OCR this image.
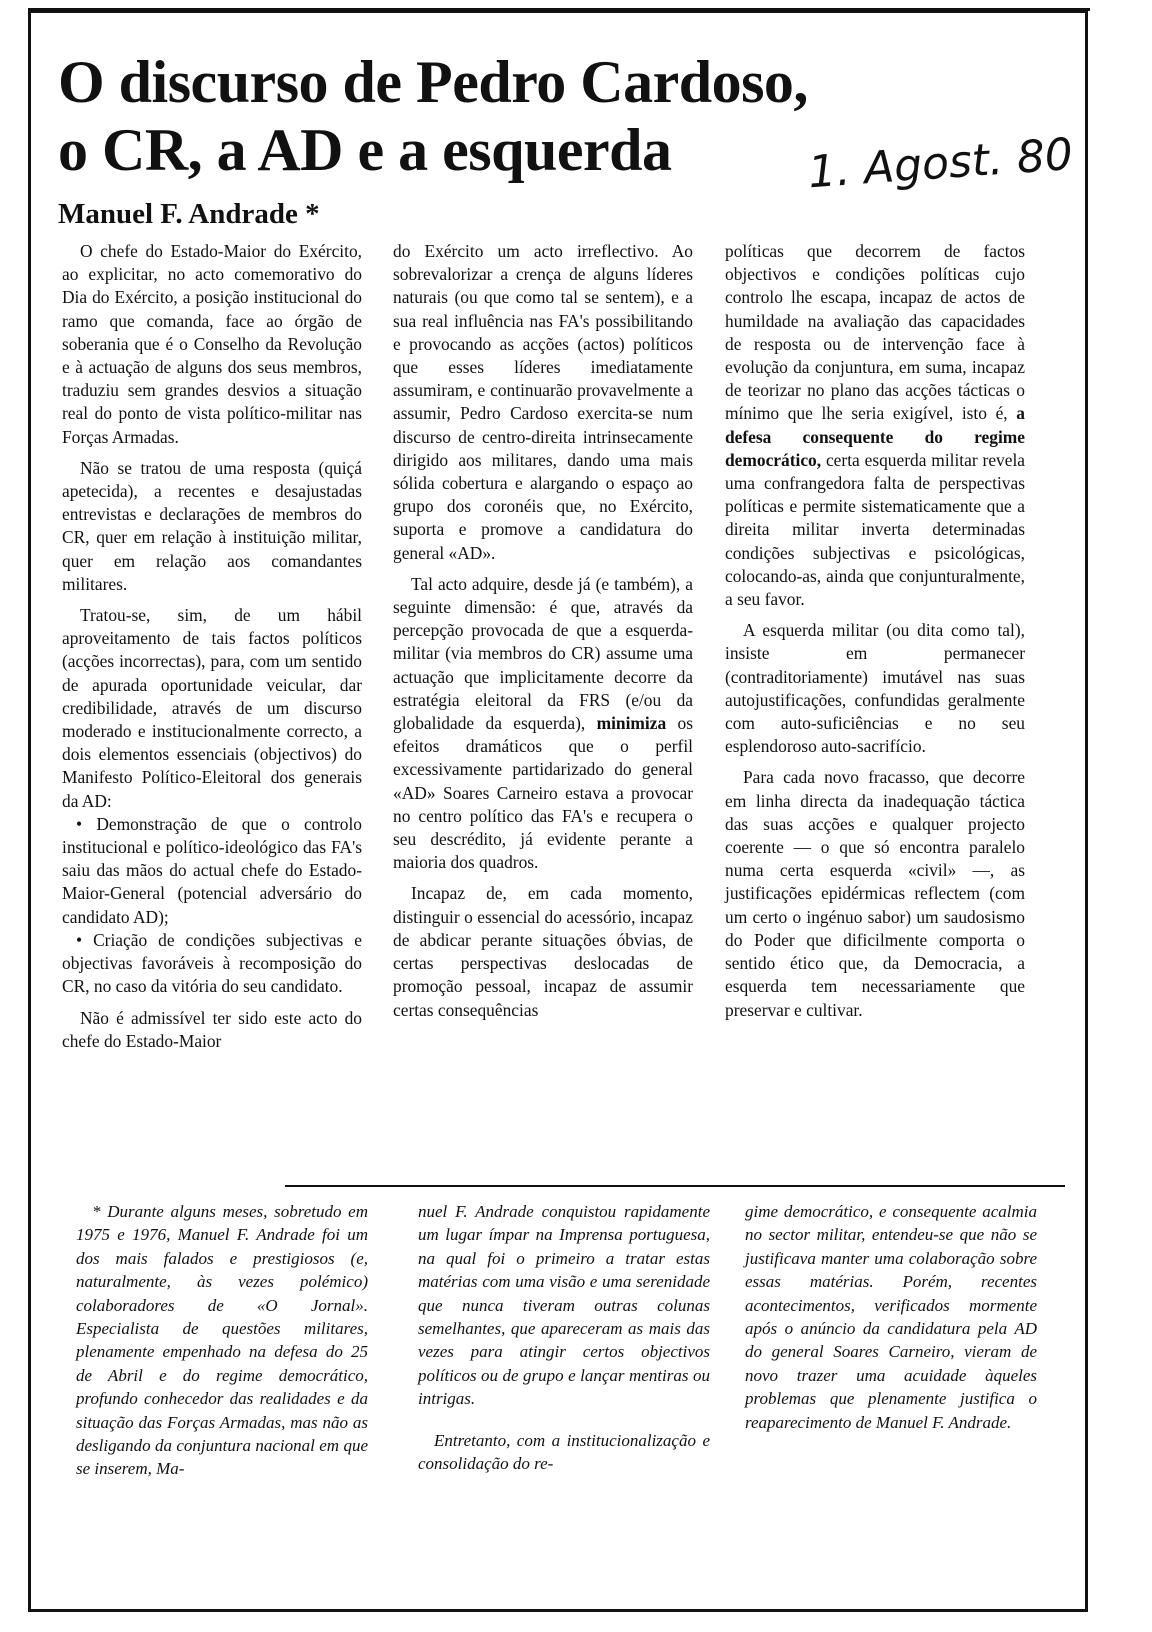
O discurso de Pedro Cardoso,
o CR, a AD e a esquerda	1. Agost. 80
Manuel F. Andrade *

O chefe do Estado-Maior do Exército, ao explicitar, no acto comemorativo do Dia do Exército, a posição institucional do ramo que comanda, face ao órgão de soberania que é o Conselho da Revolução e à actuação de alguns dos seus membros, traduziu sem grandes desvios a situação real do ponto de vista político-militar nas Forças Armadas.

Não se tratou de uma resposta (quiçá apetecida), a recentes e desajustadas entrevistas e declarações de membros do CR, quer em relação à instituição militar, quer em relação aos comandantes militares.

Tratou-se, sim, de um hábil aproveitamento de tais factos políticos (acções incorrectas), para, com um sentido de apurada oportunidade veicular, dar credibilidade, através de um discurso moderado e institucionalmente correcto, a dois elementos essenciais (objectivos) do Manifesto Político-Eleitoral dos generais da AD:

• Demonstração de que o controlo institucional e político-ideológico das FA's saiu das mãos do actual chefe do Estado-Maior-General (potencial adversário do candidato AD);

• Criação de condições subjectivas e objectivas favoráveis à recomposição do CR, no caso da vitória do seu candidato.

Não é admissível ter sido este acto do chefe do Estado-Maior

do Exército um acto irreflectivo. Ao sobrevalorizar a crença de alguns líderes naturais (ou que como tal se sentem), e a sua real influência nas FA's possibilitando e provocando as acções (actos) políticos que esses líderes imediatamente assumiram, e continuarão provavelmente a assumir, Pedro Cardoso exercita-se num discurso de centro-direita intrinsecamente dirigido aos militares, dando uma mais sólida cobertura e alargando o espaço ao grupo dos coronéis que, no Exército, suporta e promove a candidatura do general «AD».

Tal acto adquire, desde já (e também), a seguinte dimensão: é que, através da percepção provocada de que a esquerda-militar (via membros do CR) assume uma actuação que implicitamente decorre da estratégia eleitoral da FRS (e/ou da globalidade da esquerda), minimiza os efeitos dramáticos que o perfil excessivamente partidarizado do general «AD» Soares Carneiro estava a provocar no centro político das FA's e recupera o seu descrédito, já evidente perante a maioria dos quadros.

Incapaz de, em cada momento, distinguir o essencial do acessório, incapaz de abdicar perante situações óbvias, de certas perspectivas deslocadas de promoção pessoal, incapaz de assumir certas consequências

políticas que decorrem de factos objectivos e condições políticas cujo controlo lhe escapa, incapaz de actos de humildade na avaliação das capacidades de resposta ou de intervenção face à evolução da conjuntura, em suma, incapaz de teorizar no plano das acções tácticas o mínimo que lhe seria exigível, isto é, a defesa consequente do regime democrático, certa esquerda militar revela uma confrangedora falta de perspectivas políticas e permite sistematicamente que a direita militar inverta determinadas condições subjectivas e psicológicas, colocando-as, ainda que conjunturalmente, a seu favor.

A esquerda militar (ou dita como tal), insiste em permanecer (contraditoriamente) imutável nas suas autojustificações, confundidas geralmente com auto-suficiências e no seu esplendoroso auto-sacrifício.

Para cada novo fracasso, que decorre em linha directa da inadequação táctica das suas acções e qualquer projecto coerente — o que só encontra paralelo numa certa esquerda «civil» —, as justificações epidérmicas reflectem (com um certo o ingénuo sabor) um saudosismo do Poder que dificilmente comporta o sentido ético que, da Democracia, a esquerda tem necessariamente que preservar e cultivar.

* Durante alguns meses, sobretudo em 1975 e 1976, Manuel F. Andrade foi um dos mais falados e prestigiosos (e, naturalmente, às vezes polémico) colaboradores de «O Jornal». Especialista de questões militares, plenamente empenhado na defesa do 25 de Abril e do regime democrático, profundo conhecedor das realidades e da situação das Forças Armadas, mas não as desligando da conjuntura nacional em que se inserem, Ma-

nuel F. Andrade conquistou rapidamente um lugar ímpar na Imprensa portuguesa, na qual foi o primeiro a tratar estas matérias com uma visão e uma serenidade que nunca tiveram outras colunas semelhantes, que apareceram as mais das vezes para atingir certos objectivos políticos ou de grupo e lançar mentiras ou intrigas.

Entretanto, com a institucionalização e consolidação do re-

gime democrático, e consequente acalmia no sector militar, entendeu-se que não se justificava manter uma colaboração sobre essas matérias. Porém, recentes acontecimentos, verificados mormente após o anúncio da candidatura pela AD do general Soares Carneiro, vieram de novo trazer uma acuidade àqueles problemas que plenamente justifica o reaparecimento de Manuel F. Andrade.
